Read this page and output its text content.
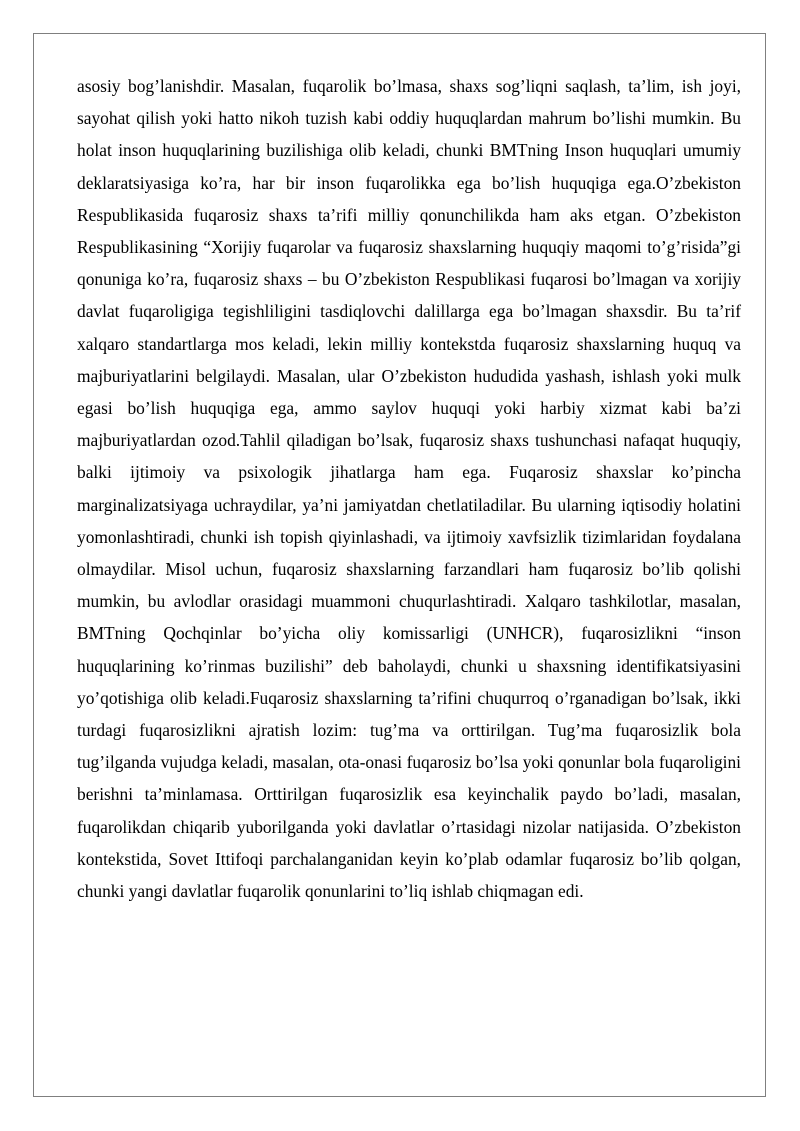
asosiy bog’lanishdir. Masalan, fuqarolik bo’lmasa, shaxs sog’liqni saqlash, ta’lim, ish joyi, sayohat qilish yoki hatto nikoh tuzish kabi oddiy huquqlardan mahrum bo’lishi mumkin. Bu holat inson huquqlarining buzilishiga olib keladi, chunki BMTning Inson huquqlari umumiy deklaratsiyasiga ko’ra, har bir inson fuqarolikka ega bo’lish huquqiga ega.O’zbekiston Respublikasida fuqarosiz shaxs ta’rifi milliy qonunchilikda ham aks etgan. O’zbekiston Respublikasining “Xorijiy fuqarolar va fuqarosiz shaxslarning huquqiy maqomi to’g’risida”gi qonuniga ko’ra, fuqarosiz shaxs – bu O’zbekiston Respublikasi fuqarosi bo’lmagan va xorijiy davlat fuqaroligiga tegishliligini tasdiqlovchi dalillarga ega bo’lmagan shaxsdir. Bu ta’rif xalqaro standartlarga mos keladi, lekin milliy kontekstda fuqarosiz shaxslarning huquq va majburiyatlarini belgilaydi. Masalan, ular O’zbekiston hududida yashash, ishlash yoki mulk egasi bo’lish huquqiga ega, ammo saylov huquqi yoki harbiy xizmat kabi ba’zi majburiyatlardan ozod.Tahlil qiladigan bo’lsak, fuqarosiz shaxs tushunchasi nafaqat huquqiy, balki ijtimoiy va psixologik jihatlarga ham ega. Fuqarosiz shaxslar ko’pincha marginalizatsiyaga uchraydilar, ya’ni jamiyatdan chetlatiladilar. Bu ularning iqtisodiy holatini yomonlashtiradi, chunki ish topish qiyinlashadi, va ijtimoiy xavfsizlik tizimlaridan foydalana olmaydilar. Misol uchun, fuqarosiz shaxslarning farzandlari ham fuqarosiz bo’lib qolishi mumkin, bu avlodlar orasidagi muammoni chuqurlashtiradi. Xalqaro tashkilotlar, masalan, BMTning Qochqinlar bo’yicha oliy komissarligi (UNHCR), fuqarosizlikni “inson huquqlarining ko’rinmas buzilishi” deb baholaydi, chunki u shaxsning identifikatsiyasini yo’qotishiga olib keladi.Fuqarosiz shaxslarning ta’rifini chuqurroq o’rganadigan bo’lsak, ikki turdagi fuqarosizlikni ajratish lozim: tug’ma va orttirilgan. Tug’ma fuqarosizlik bola tug’ilganda vujudga keladi, masalan, ota-onasi fuqarosiz bo’lsa yoki qonunlar bola fuqaroligini berishni ta’minlamasa. Orttirilgan fuqarosizlik esa keyinchalik paydo bo’ladi, masalan, fuqarolikdan chiqarib yuborilganda yoki davlatlar o’rtasidagi nizolar natijasida. O’zbekiston kontekstida, Sovet Ittifoqi parchalanganidan keyin ko’plab odamlar fuqarosiz bo’lib qolgan, chunki yangi davlatlar fuqarolik qonunlarini to’liq ishlab chiqmagan edi.
